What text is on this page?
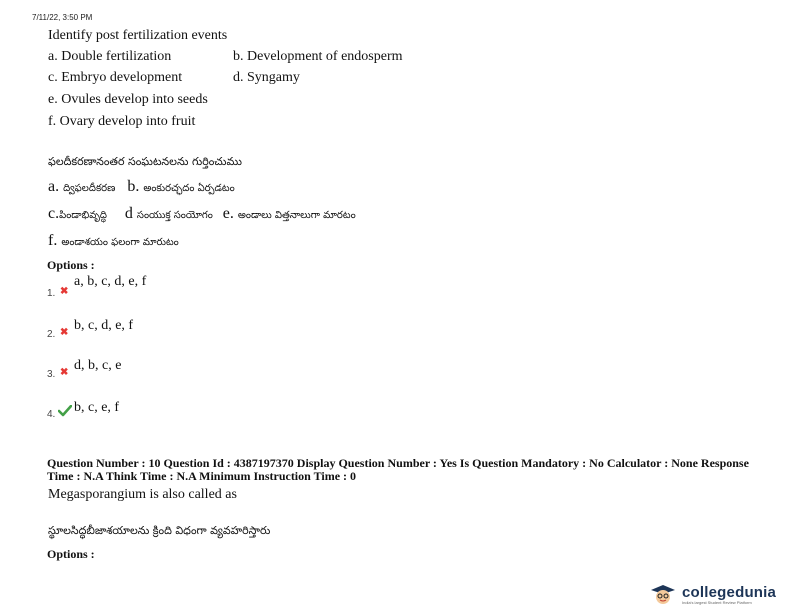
7/11/22, 3:50 PM
Identify post fertilization events
a. Double fertilization	b. Development of endosperm
c. Embryo development	d. Syngamy
e. Ovules develop into seeds
f. Ovary develop into fruit
ఫలదీకరణానంతర సంఘటనలను గుర్తించుము
a. ద్విఫలదీకరణ b. అంకురచ్ఛదం ఏర్పడటం
c.పిండాభివృద్ధి d సంయుక్త సంయోగం e. అండాలు విత్తనాలుగా మారటం
f. అండాశయం ఫలంగా మారుటం
Options :
1. ✖
a, b, c, d, e, f
2. ✖ b, c, d, e, f
3. ✖ d, b, c, e
4. b, c, e, f
Question Number : 10 Question Id : 4387197370 Display Question Number : Yes Is Question Mandatory : No Calculator : None Response Time : N.A Think Time : N.A Minimum Instruction Time : 0
Megasporangium is also called as
స్థూలసిద్ధబీజాశయాలను క్రింది విధంగా వ్యవహరిస్తారు
Options :
collegedunia
India's largest Student Review Platform
